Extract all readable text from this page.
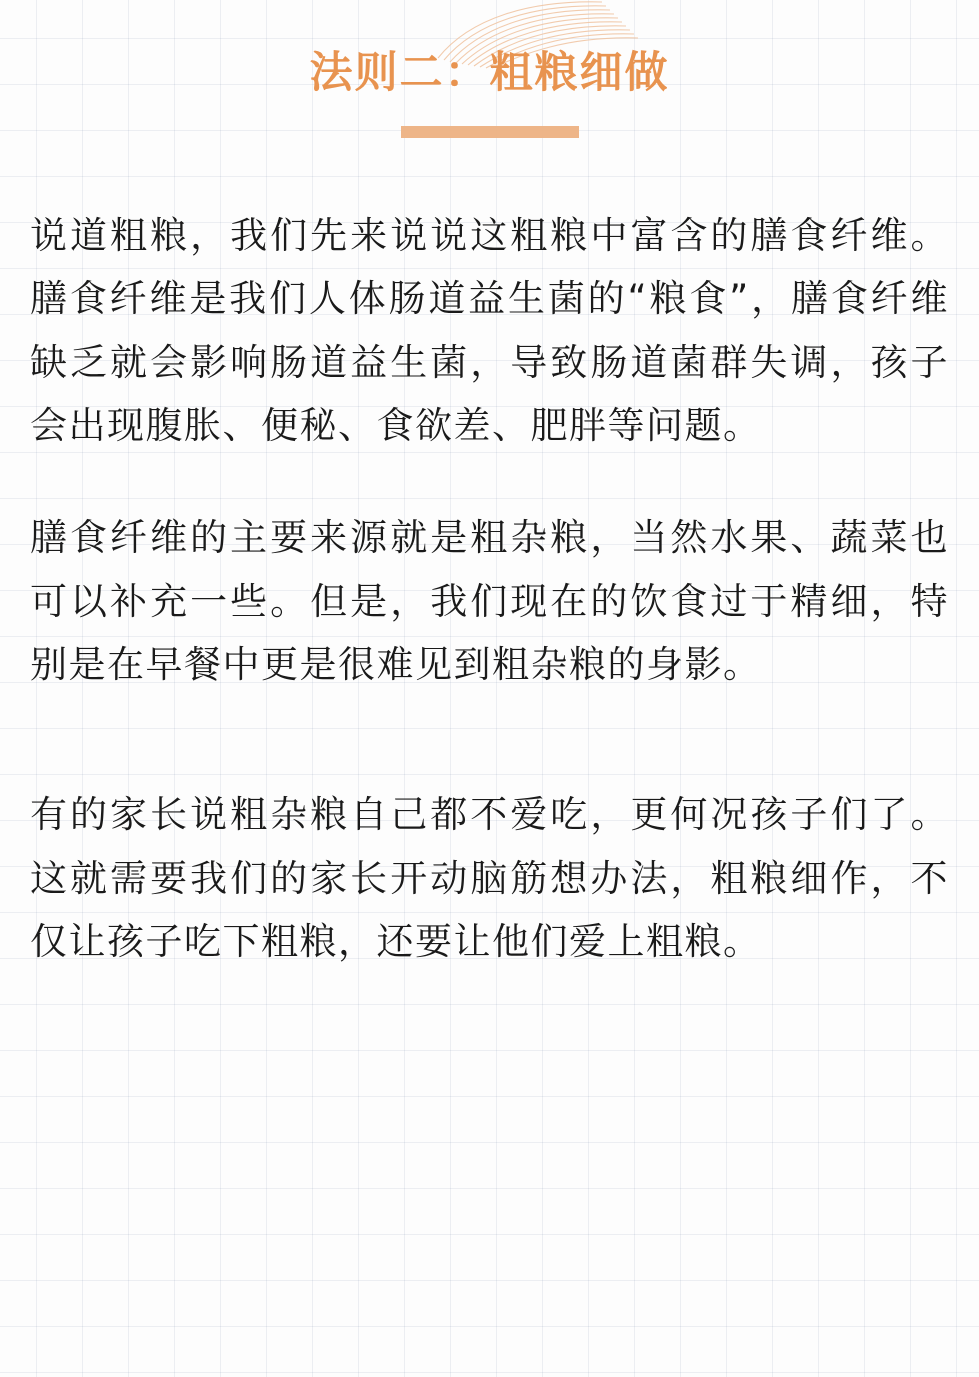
法则二：粗粮细做

说道粗粮，我们先来说说这粗粮中富含的膳食纤维。膳食纤维是我们人体肠道益生菌的“粮食”，膳食纤维缺乏就会影响肠道益生菌，导致肠道菌群失调，孩子会出现腹胀、便秘、食欲差、肥胖等问题。

膳食纤维的主要来源就是粗杂粮，当然水果、蔬菜也可以补充一些。但是，我们现在的饮食过于精细，特别是在早餐中更是很难见到粗杂粮的身影。

有的家长说粗杂粮自己都不爱吃，更何况孩子们了。这就需要我们的家长开动脑筋想办法，粗粮细作，不仅让孩子吃下粗粮，还要让他们爱上粗粮。
